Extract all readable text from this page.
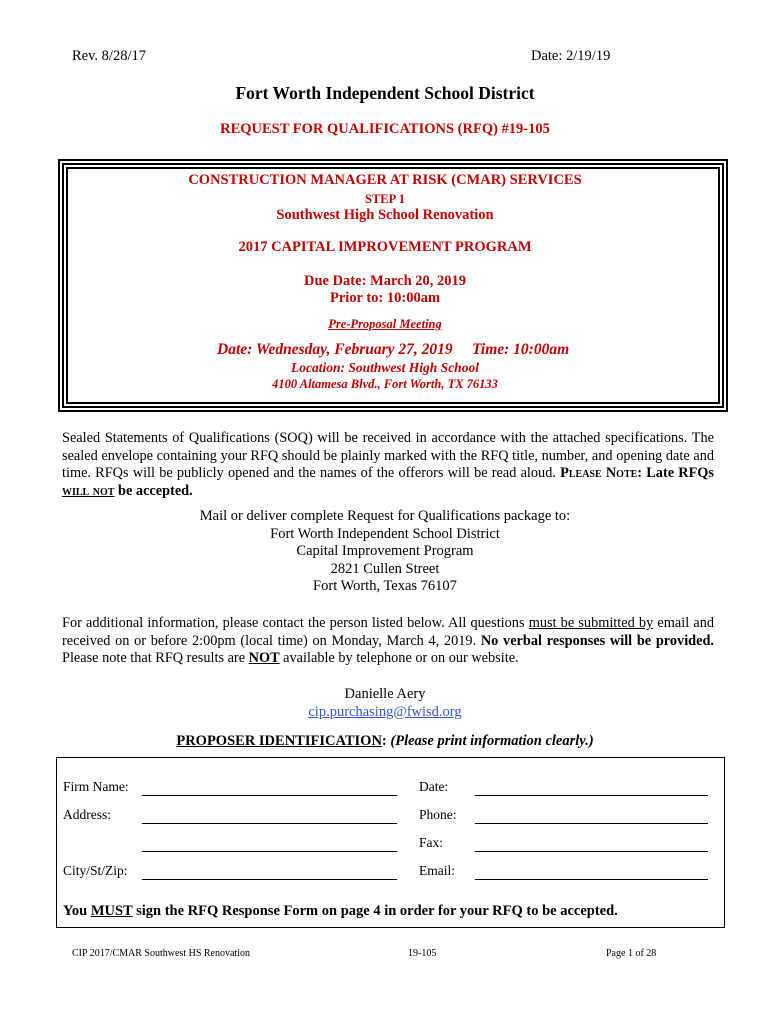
Rev. 8/28/17	Date: 2/19/19
Fort Worth Independent School District
REQUEST FOR QUALIFICATIONS (RFQ) #19-105
CONSTRUCTION MANAGER AT RISK (CMAR) SERVICES
STEP 1
Southwest High School Renovation
2017 CAPITAL IMPROVEMENT PROGRAM
Due Date: March 20, 2019
Prior to: 10:00am
Pre-Proposal Meeting
Date: Wednesday, February 27, 2019 Time: 10:00am
Location: Southwest High School
4100 Altamesa Blvd., Fort Worth, TX 76133
Sealed Statements of Qualifications (SOQ) will be received in accordance with the attached specifications. The sealed envelope containing your RFQ should be plainly marked with the RFQ title, number, and opening date and time. RFQs will be publicly opened and the names of the offerors will be read aloud. Please Note: Late RFQs will not be accepted.
Mail or deliver complete Request for Qualifications package to:
Fort Worth Independent School District
Capital Improvement Program
2821 Cullen Street
Fort Worth, Texas 76107
For additional information, please contact the person listed below. All questions must be submitted by email and received on or before 2:00pm (local time) on Monday, March 4, 2019. No verbal responses will be provided. Please note that RFQ results are NOT available by telephone or on our website.
Danielle Aery
cip.purchasing@fwisd.org
PROPOSER IDENTIFICATION: (Please print information clearly.)
Firm Name:	Date:
Address:	Phone:
Fax:
City/St/Zip:	Email:
You MUST sign the RFQ Response Form on page 4 in order for your RFQ to be accepted.
CIP 2017/CMAR Southwest HS Renovation	19-105	Page 1 of 28
